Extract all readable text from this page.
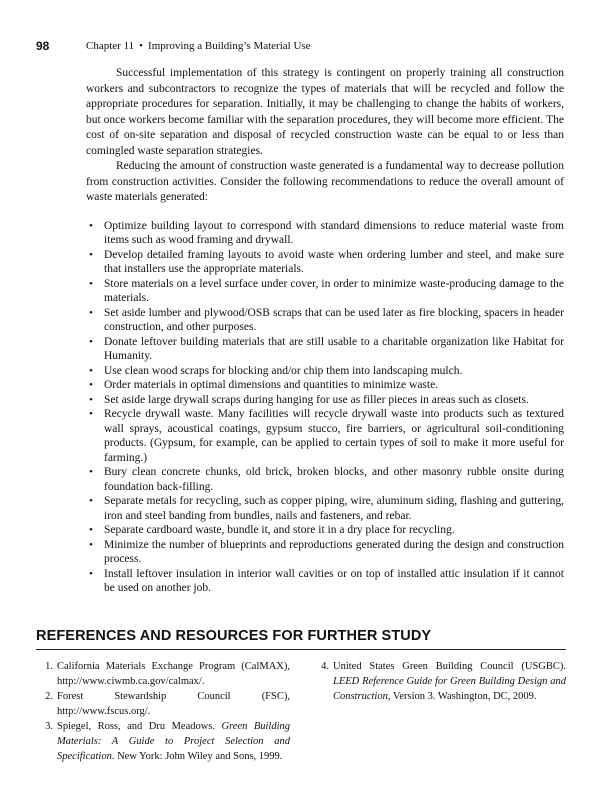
98	Chapter 11 • Improving a Building’s Material Use

Successful implementation of this strategy is contingent on properly training all construction workers and subcontractors to recognize the types of materials that will be recycled and follow the appropriate procedures for separation. Initially, it may be challenging to change the habits of workers, but once workers become familiar with the separation procedures, they will become more efficient. The cost of on-site separation and disposal of recycled construction waste can be equal to or less than comingled waste separation strategies.

Reducing the amount of construction waste generated is a fundamental way to decrease pollution from construction activities. Consider the following recommendations to reduce the overall amount of waste materials generated:

• Optimize building layout to correspond with standard dimensions to reduce material waste from items such as wood framing and drywall.
• Develop detailed framing layouts to avoid waste when ordering lumber and steel, and make sure that installers use the appropriate materials.
• Store materials on a level surface under cover, in order to minimize waste-producing damage to the materials.
• Set aside lumber and plywood/OSB scraps that can be used later as fire blocking, spacers in header construction, and other purposes.
• Donate leftover building materials that are still usable to a charitable organization like Habitat for Humanity.
• Use clean wood scraps for blocking and/or chip them into landscaping mulch.
• Order materials in optimal dimensions and quantities to minimize waste.
• Set aside large drywall scraps during hanging for use as filler pieces in areas such as closets.
• Recycle drywall waste. Many facilities will recycle drywall waste into products such as textured wall sprays, acoustical coatings, gypsum stucco, fire barriers, or agricultural soil-conditioning products. (Gypsum, for example, can be applied to certain types of soil to make it more useful for farming.)
• Bury clean concrete chunks, old brick, broken blocks, and other masonry rubble onsite during foundation back-filling.
• Separate metals for recycling, such as copper piping, wire, aluminum siding, flashing and guttering, iron and steel banding from bundles, nails and fasteners, and rebar.
• Separate cardboard waste, bundle it, and store it in a dry place for recycling.
• Minimize the number of blueprints and reproductions generated during the design and construction process.
• Install leftover insulation in interior wall cavities or on top of installed attic insulation if it cannot be used on another job.
REFERENCES AND RESOURCES FOR FURTHER STUDY
1. California Materials Exchange Program (CalMAX), http://www.ciwmb.ca.gov/calmax/.
2. Forest Stewardship Council (FSC), http://www.fscus.org/.
3. Spiegel, Ross, and Dru Meadows. Green Building Materials: A Guide to Project Selection and Specification. New York: John Wiley and Sons, 1999.
4. United States Green Building Council (USGBC). LEED Reference Guide for Green Building Design and Construction, Version 3. Washington, DC, 2009.
